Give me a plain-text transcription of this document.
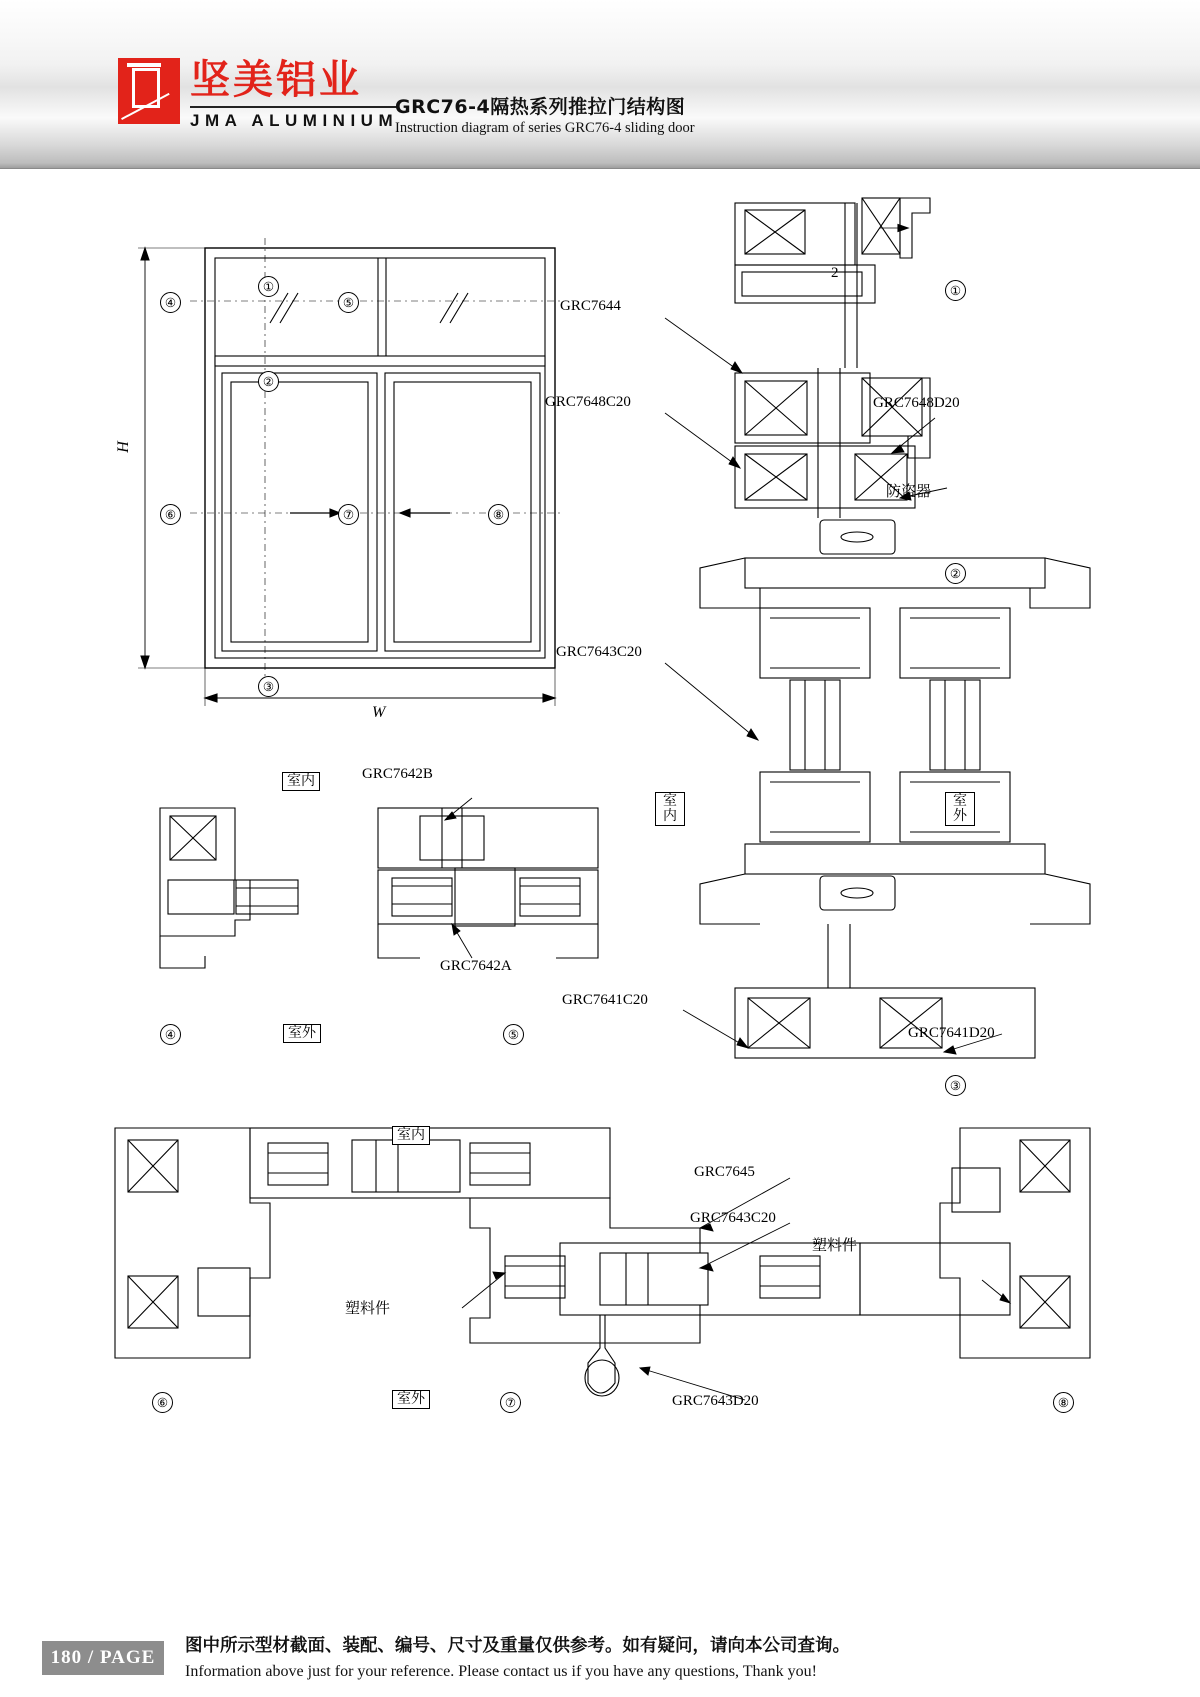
坚美铝业
JMA ALUMINIUM
GRC76-4隔热系列推拉门结构图
Instruction diagram of series GRC76-4 sliding door
①
④	⑤
②
⑥	⑦	⑧
③
H
W
GRC7644
GRC7648C20	GRC7648D20
防盗器
GRC7643C20
GRC7641C20
GRC7641D20
2
①
②
③
室
内
室
外
室内	GRC7642B
GRC7642A
室外
④	⑤
室内
GRC7645
GRC7643C20
塑料件
塑料件
GRC7643D20
室外
⑥	⑦	⑧
180 / PAGE
图中所示型材截面、装配、编号、尺寸及重量仅供参考。如有疑问，请向本公司查询。
Information above just for your reference. Please contact us if you have any questions, Thank you!
